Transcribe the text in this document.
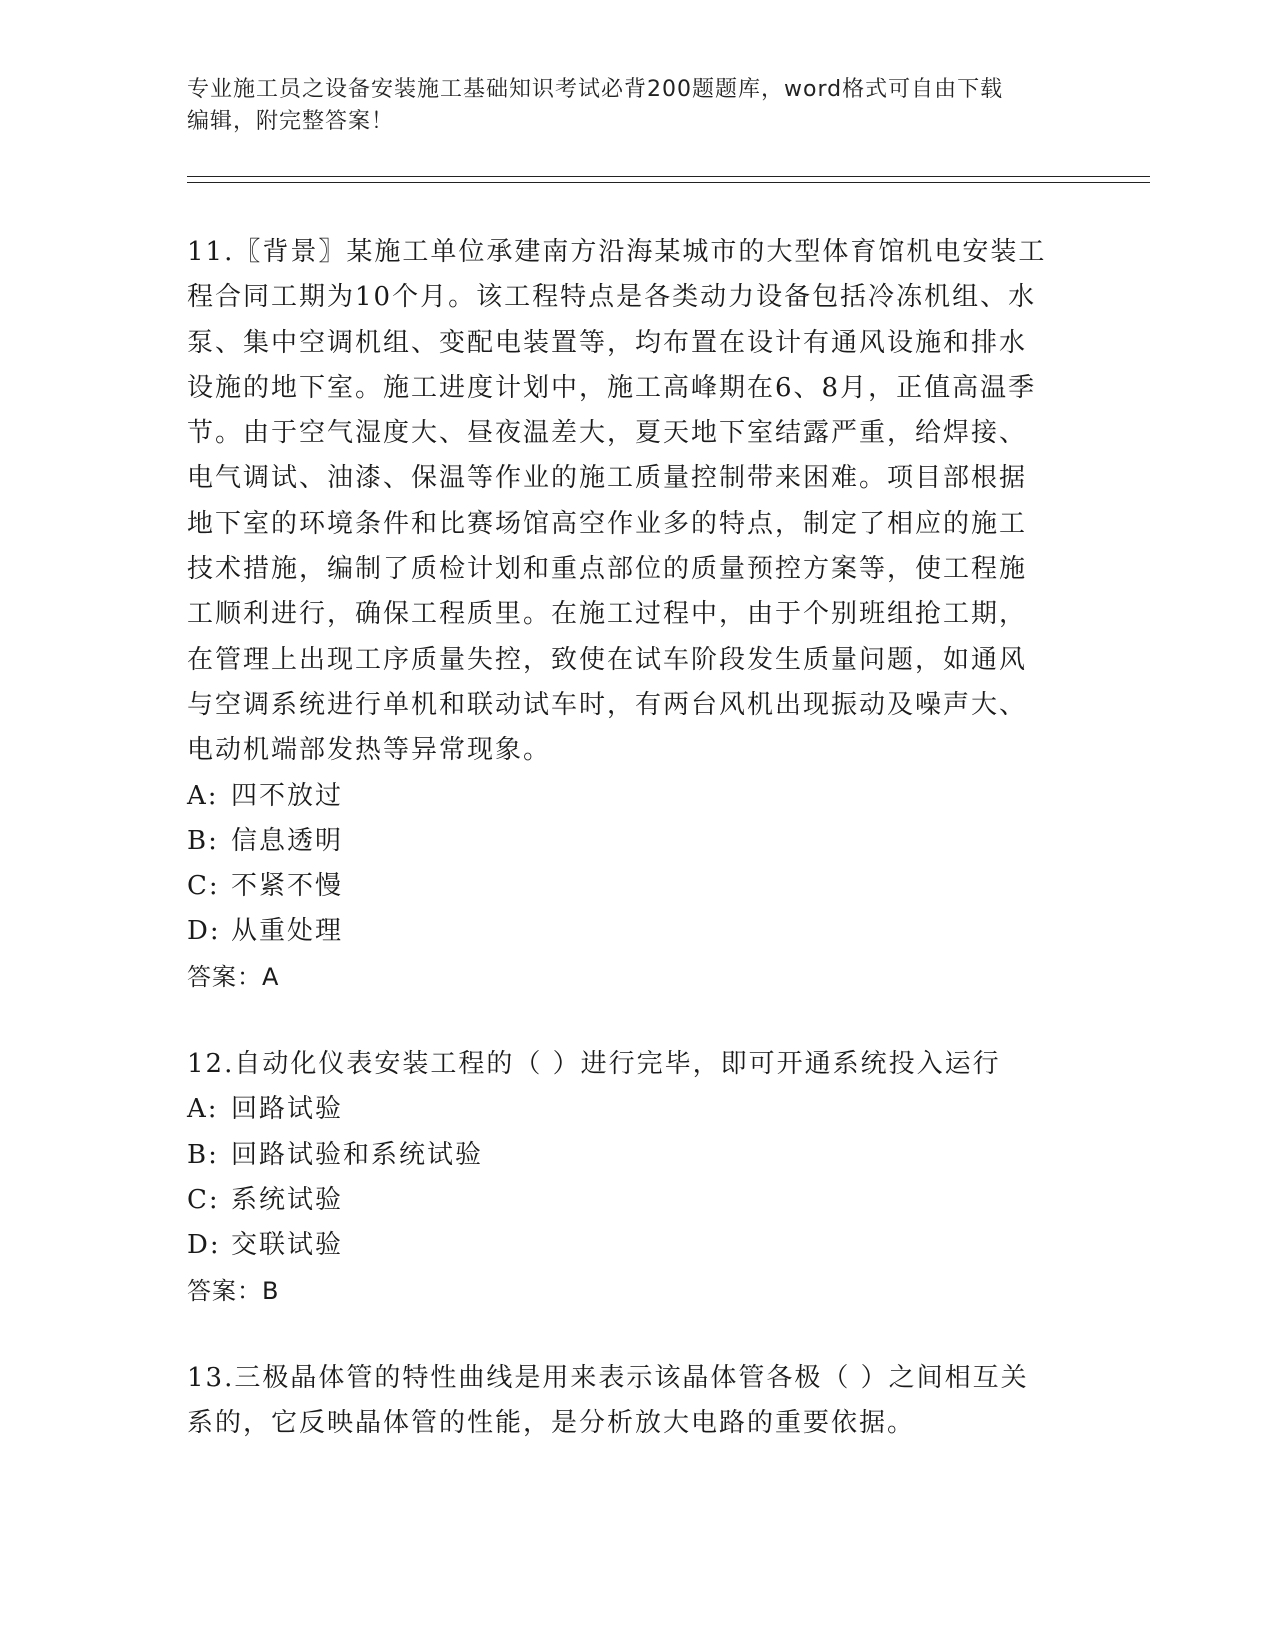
专业施工员之设备安装施工基础知识考试必背200题题库，word格式可自由下载
编辑，附完整答案！
11.〖背景〗某施工单位承建南方沿海某城市的大型体育馆机电安装工
程合同工期为10个月。该工程特点是各类动力设备包括冷冻机组、水
泵、集中空调机组、变配电装置等，均布置在设计有通风设施和排水
设施的地下室。施工进度计划中，施工高峰期在6、8月，正值高温季
节。由于空气湿度大、昼夜温差大，夏天地下室结露严重，给焊接、
电气调试、油漆、保温等作业的施工质量控制带来困难。项目部根据
地下室的环境条件和比赛场馆高空作业多的特点，制定了相应的施工
技术措施，编制了质检计划和重点部位的质量预控方案等，使工程施
工顺利进行，确保工程质里。在施工过程中，由于个别班组抢工期，
在管理上出现工序质量失控，致使在试车阶段发生质量问题，如通风
与空调系统进行单机和联动试车时，有两台风机出现振动及噪声大、
电动机端部发热等异常现象。
A: 四不放过
B: 信息透明
C: 不紧不慢
D: 从重处理
答案：A
12.自动化仪表安装工程的（ ）进行完毕，即可开通系统投入运行
A: 回路试验
B: 回路试验和系统试验
C: 系统试验
D: 交联试验
答案：B
13.三极晶体管的特性曲线是用来表示该晶体管各极（ ）之间相互关
系的，它反映晶体管的性能，是分析放大电路的重要依据。
